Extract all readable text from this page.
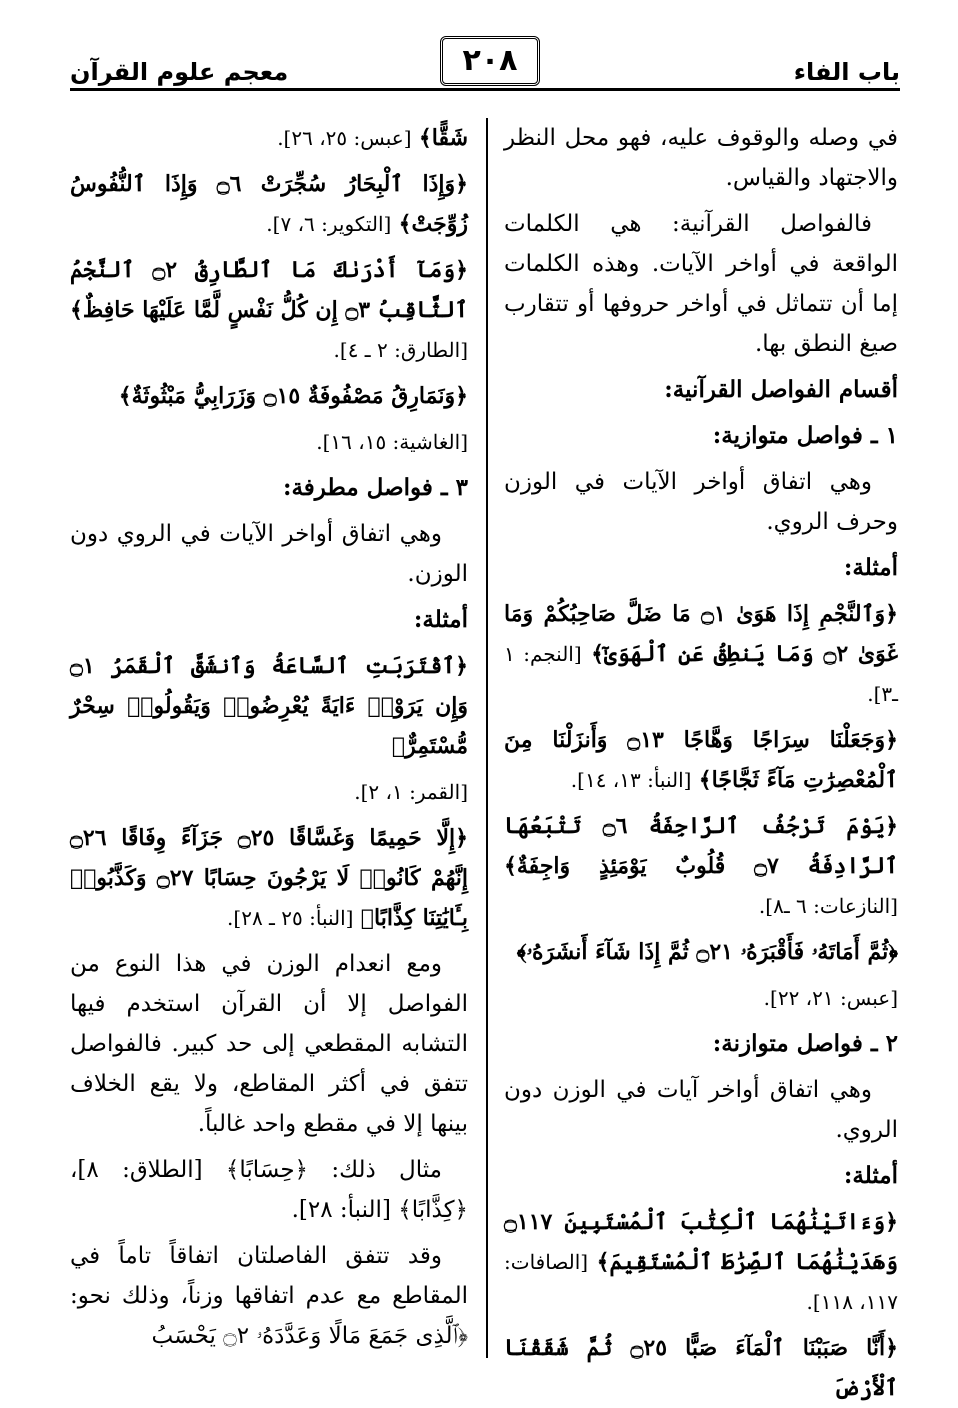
باب الفاء
٢٠٨
معجم علوم القرآن

في وصله والوقوف عليه، فهو محل النظر والاجتهاد والقياس.

فالفواصل القرآنية: هي الكلمات الواقعة في أواخر الآيات. وهذه الكلمات إما أن تتماثل في أواخر حروفها أو تتقارب صيغ النطق بها.

أقسام الفواصل القرآنية:

١ ـ فواصل متوازية:

وهي اتفاق أواخر الآيات في الوزن وحرف الروي.

أمثلة:

﴿وَٱلنَّجْمِ إِذَا هَوَىٰ ۝١ مَا ضَلَّ صَاحِبُكُمْ وَمَا غَوَىٰ ۝٢ وَمَا يَنطِقُ عَنِ ٱلْهَوَىٰٓ﴾ [النجم: ١ ـ٣].

﴿وَجَعَلْنَا سِرَاجًا وَهَّاجًا ۝١٣ وَأَنزَلْنَا مِنَ ٱلْمُعْصِرَٰتِ مَآءً ثَجَّاجًا﴾ [النبأ: ١٣، ١٤].

﴿يَوْمَ تَرْجُفُ ٱلرَّاجِفَةُ ۝٦ تَتْبَعُهَا ٱلرَّادِفَةُ ۝٧ قُلُوبٌ يَوْمَئِذٍ وَاجِفَةٌ﴾ [النازعات: ٦ ـ٨].

﴿ثُمَّ أَمَاتَهُۥ فَأَقْبَرَهُۥ ۝٢١ ثُمَّ إِذَا شَآءَ أَنشَرَهُۥ﴾

[عبس: ٢١، ٢٢].

٢ ـ فواصل متوازنة:

وهي اتفاق أواخر آيات في الوزن دون الروي.

أمثلة:

﴿وَءَاتَيْنَٰهُمَا ٱلْكِتَٰبَ ٱلْمُسْتَبِينَ ۝١١٧ وَهَدَيْنَٰهُمَا ٱلصِّرَٰطَ ٱلْمُسْتَقِيمَ﴾ [الصافات: ١١٧، ١١٨].

﴿أَنَّا صَبَبْنَا ٱلْمَآءَ صَبًّا ۝٢٥ ثُمَّ شَقَقْنَا ٱلْأَرْضَ

شَقًّا﴾ [عبس: ٢٥، ٢٦].

﴿وَإِذَا ٱلْبِحَارُ سُجِّرَتْ ۝٦ وَإِذَا ٱلنُّفُوسُ زُوِّجَتْ﴾ [التكوير: ٦، ٧].

﴿وَمَآ أَدْرَىٰكَ مَا ٱلطَّارِقُ ۝٢ ٱلنَّجْمُ ٱلثَّاقِبُ ۝٣ إِن كُلُّ نَفْسٍ لَّمَّا عَلَيْهَا حَافِظٌ﴾ [الطارق: ٢ ـ ٤].

﴿وَنَمَارِقُ مَصْفُوفَةٌ ۝١٥ وَزَرَابِيُّ مَبْثُوثَةٌ﴾

[الغاشية: ١٥، ١٦].

٣ ـ فواصل مطرفة:

وهي اتفاق أواخر الآيات في الروي دون الوزن.

أمثلة:

﴿ٱقْتَرَبَتِ ٱلسَّاعَةُ وَٱنشَقَّ ٱلْقَمَرُ ۝١ وَإِن يَرَوْا۟ ءَايَةً يُعْرِضُوا۟ وَيَقُولُوا۟ سِحْرٌ مُّسْتَمِرٌّ﴾

[القمر: ١، ٢].

﴿إِلَّا حَمِيمًا وَغَسَّاقًا ۝٢٥ جَزَآءً وِفَاقًا ۝٢٦ إِنَّهُمْ كَانُوا۟ لَا يَرْجُونَ حِسَابًا ۝٢٧ وَكَذَّبُوا۟ بِـَٔايَٰتِنَا كِذَّابًا﴾ [النبأ: ٢٥ ـ ٢٨].

ومع انعدام الوزن في هذا النوع من الفواصل إلا أن القرآن استخدم فيها التشابه المقطعي إلى حد كبير. فالفواصل تتفق في أكثر المقاطع، ولا يقع الخلاف بينها إلا في مقطع واحد غالباً.

مثال ذلك: ﴿حِسَابًا﴾ [الطلاق: ٨]، ﴿كِذَّابًا﴾ [النبأ: ٢٨].

وقد تتفق الفاصلتان اتفاقاً تاماً في المقاطع مع عدم اتفاقها وزناً، وذلك نحو: ﴿ٱلَّذِى جَمَعَ مَالًا وَعَدَّدَهُۥ ۝٢ يَحْسَبُ
